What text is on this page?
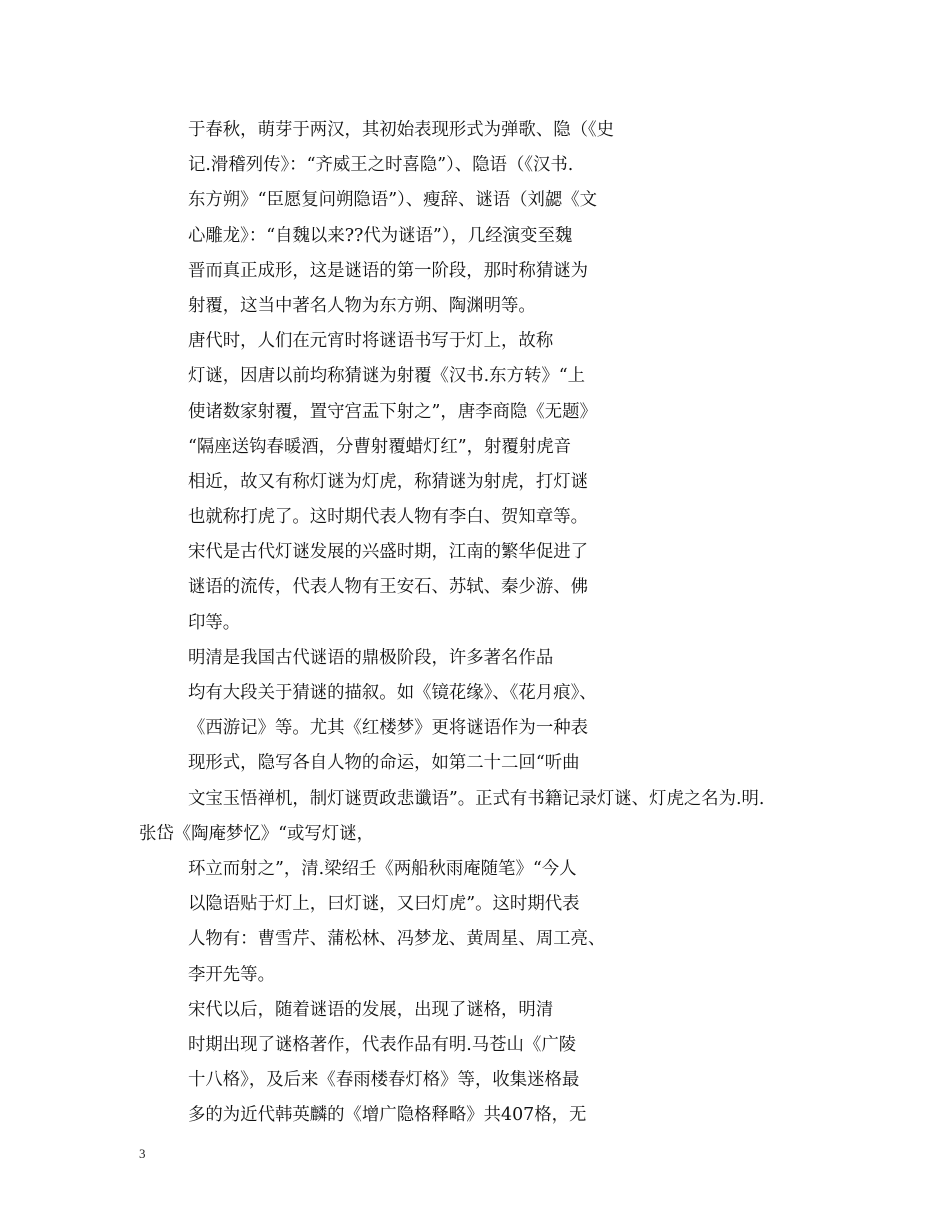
于春秋，萌芽于两汉，其初始表现形式为弹歌、隐（《史
记.滑稽列传》：“齐威王之时喜隐”）、隐语（《汉书.
东方朔》“臣愿复问朔隐语”）、瘦辞、谜语（刘勰《文
心雕龙》：“自魏以来??代为谜语”），几经演变至魏
晋而真正成形，这是谜语的第一阶段，那时称猜谜为
射覆，这当中著名人物为东方朔、陶渊明等。
唐代时，人们在元宵时将谜语书写于灯上，故称
灯谜，因唐以前均称猜谜为射覆《汉书.东方转》“上
使诸数家射覆，置守宫盂下射之”，唐李商隐《无题》
“隔座送钩春暖酒，分曹射覆蜡灯红”，射覆射虎音
相近，故又有称灯谜为灯虎，称猜谜为射虎，打灯谜
也就称打虎了。这时期代表人物有李白、贺知章等。
宋代是古代灯谜发展的兴盛时期，江南的繁华促进了
谜语的流传，代表人物有王安石、苏轼、秦少游、佛
印等。
明清是我国古代谜语的鼎极阶段，许多著名作品
均有大段关于猜谜的描叙。如《镜花缘》、《花月痕》、
《西游记》等。尤其《红楼梦》更将谜语作为一种表
现形式，隐写各自人物的命运，如第二十二回“听曲
文宝玉悟禅机，制灯谜贾政悲谶语”。正式有书籍记录灯谜、灯虎之名为.明.
张岱《陶庵梦忆》“或写灯谜，
环立而射之”，清.梁绍壬《两船秋雨庵随笔》“今人
以隐语贴于灯上，曰灯谜，又曰灯虎”。这时期代表
人物有：曹雪芹、蒲松林、冯梦龙、黄周星、周工亮、
李开先等。
宋代以后，随着谜语的发展，出现了谜格，明清
时期出现了谜格著作，代表作品有明.马苍山《广陵
十八格》，及后来《春雨楼春灯格》等，收集迷格最
多的为近代韩英麟的《增广隐格释略》共407格，无
3
